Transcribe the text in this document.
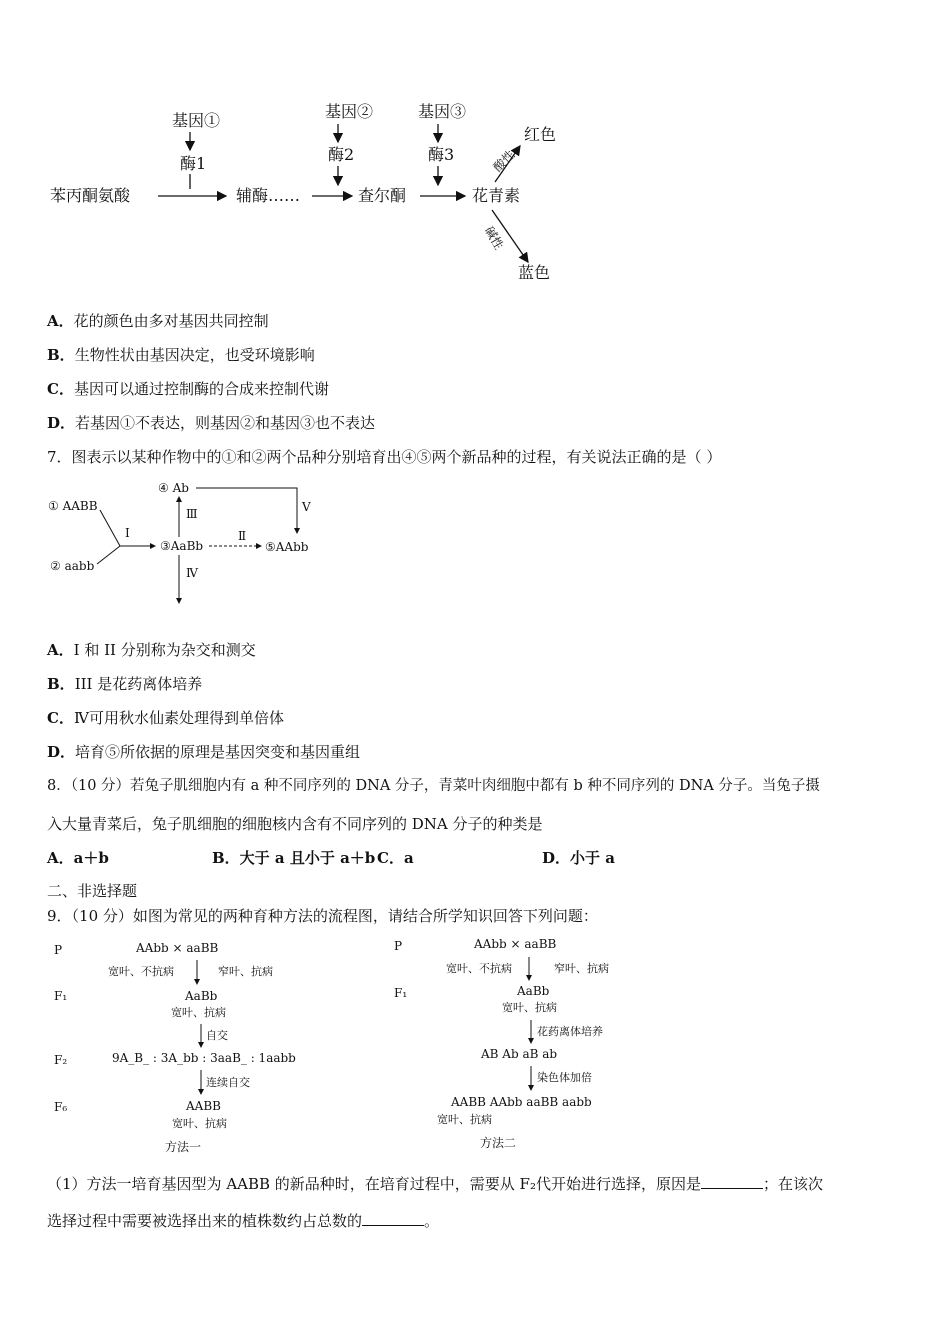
基因①	基因②	基因③
酶1	酶2	酶3
苯丙酮氨酸	辅酶……	查尔酮	花青素
酸性
碱性
红色
蓝色
A．花的颜色由多对基因共同控制
B．生物性状由基因决定，也受环境影响
C．基因可以通过控制酶的合成来控制代谢
D．若基因①不表达，则基因②和基因③也不表达
7．图表示以某种作物中的①和②两个品种分别培育出④⑤两个新品种的过程，有关说法正确的是（ ）
① AABB
② aabb
③AaBb
④ Ab
⑤AAbb
I	Ⅱ
Ⅲ
Ⅳ
Ⅴ
A．I 和 II 分别称为杂交和测交
B．III 是花药离体培养
C．Ⅳ可用秋水仙素处理得到单倍体
D．培育⑤所依据的原理是基因突变和基因重组
8．（10 分）若兔子肌细胞内有 a 种不同序列的 DNA 分子，青菜叶肉细胞中都有 b 种不同序列的 DNA 分子。当兔子摄
入大量青菜后，兔子肌细胞的细胞核内含有不同序列的 DNA 分子的种类是
A．a＋b	B．大于 a 且小于 a＋b C．a	D．小于 a
二、非选择题
9．（10 分）如图为常见的两种育种方法的流程图，请结合所学知识回答下列问题：
P
F₁
F₂
F₆
AAbb × aaBB
宽叶、不抗病	窄叶、抗病
AaBb
宽叶、抗病
自交
9A_B_ : 3A_bb : 3aaB_ : 1aabb
连续自交
AABB
宽叶、抗病
方法一
P
F₁
AAbb × aaBB
宽叶、不抗病	窄叶、抗病
AaBb
宽叶、抗病
花药离体培养
AB Ab aB ab
染色体加倍
AABB AAbb aaBB aabb
宽叶、抗病
方法二
（1）方法一培育基因型为 AABB 的新品种时，在培育过程中，需要从 F₂代开始进行选择，原因是	；在该次
选择过程中需要被选择出来的植株数约占总数的	。
